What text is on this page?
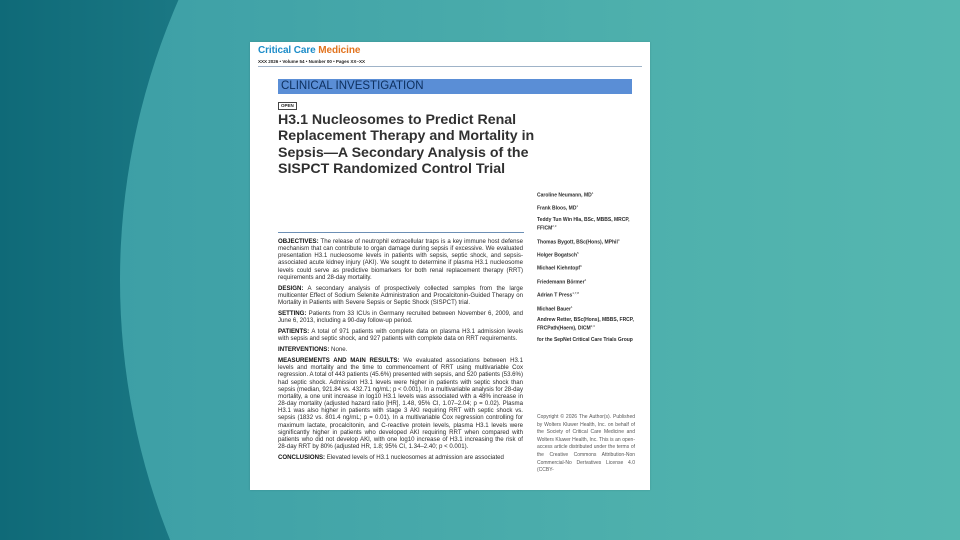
Critical Care Medicine
XXX 2026 • Volume 54 • Number 00 • Pages XX–XX
CLINICAL INVESTIGATION
OPEN
H3.1 Nucleosomes to Predict Renal Replacement Therapy and Mortality in Sepsis—A Secondary Analysis of the SISPCT Randomized Control Trial

OBJECTIVES: The release of neutrophil extracellular traps is a key immune host defense mechanism that can contribute to organ damage during sepsis if excessive. We evaluated presentation H3.1 nucleosome levels in patients with sepsis, septic shock, and sepsis-associated acute kidney injury (AKI). We sought to determine if plasma H3.1 nucleosome levels could serve as predictive biomarkers for both renal replacement therapy (RRT) requirements and 28-day mortality.

DESIGN: A secondary analysis of prospectively collected samples from the large multicenter Effect of Sodium Selenite Administration and Procalcitonin-Guided Therapy on Mortality in Patients with Severe Sepsis or Septic Shock (SISPCT) trial.

SETTING: Patients from 33 ICUs in Germany recruited between November 6, 2009, and June 6, 2013, including a 90-day follow-up period.

PATIENTS: A total of 971 patients with complete data on plasma H3.1 admission levels with sepsis and septic shock, and 927 patients with complete data on RRT requirements.

INTERVENTIONS: None.

MEASUREMENTS AND MAIN RESULTS: We evaluated associations between H3.1 levels and mortality and the time to commencement of RRT using multivariable Cox regression. A total of 443 patients (45.6%) presented with sepsis, and 520 patients (53.6%) had septic shock. Admission H3.1 levels were higher in patients with septic shock than sepsis (median, 921.84 vs. 432.71 ng/mL; p < 0.001). In a multivariable analysis for 28-day mortality, a one unit increase in log10 H3.1 levels was associated with a 48% increase in 28-day mortality (adjusted hazard ratio [HR], 1.48, 95% CI, 1.07–2.04; p = 0.02). Plasma H3.1 was also higher in patients with stage 3 AKI requiring RRT with septic shock vs. sepsis (1832 vs. 801.4 ng/mL; p = 0.01). In a multivariable Cox regression controlling for maximum lactate, procalcitonin, and C-reactive protein levels, plasma H3.1 levels were significantly higher in patients who developed AKI requiring RRT when compared with patients who did not develop AKI, with one log10 increase of H3.1 increasing the risk of 28-day RRT by 80% (adjusted HR, 1.8; 95% CI, 1.34–2.40; p < 0.001).

CONCLUSIONS: Elevated levels of H3.1 nucleosomes at admission are associated

Caroline Neumann, $MD^1$
Frank Bloos, $MD^1$
Teddy Tun Win Hla, BSc, MBBS, MRCP, FFICM$^{2,3}$
Thomas Bygott, BSc(Hons), MPhil$^4$
Holger Bogatsch$^5$
Michael Kiehntopf$^6$
Friedemann Börmer$^4$
Adrian T Press$^{1,7,8}$
Michael Bauer$^1$
Andrew Retter, BSc(Hons), MBBS, FRCP, FRCPath(Haem), DICM$^{2,3}$
for the SepNet Critical Care Trials Group
Copyright © 2026 The Author(s). Published by Wolters Kluwer Health, Inc. on behalf of the Society of Critical Care Medicine and Wolters Kluwer Health, Inc. This is an open-access article distributed under the terms of the Creative Commons Attribution-Non Commercial-No Derivatives License 4.0 (CCBY-
